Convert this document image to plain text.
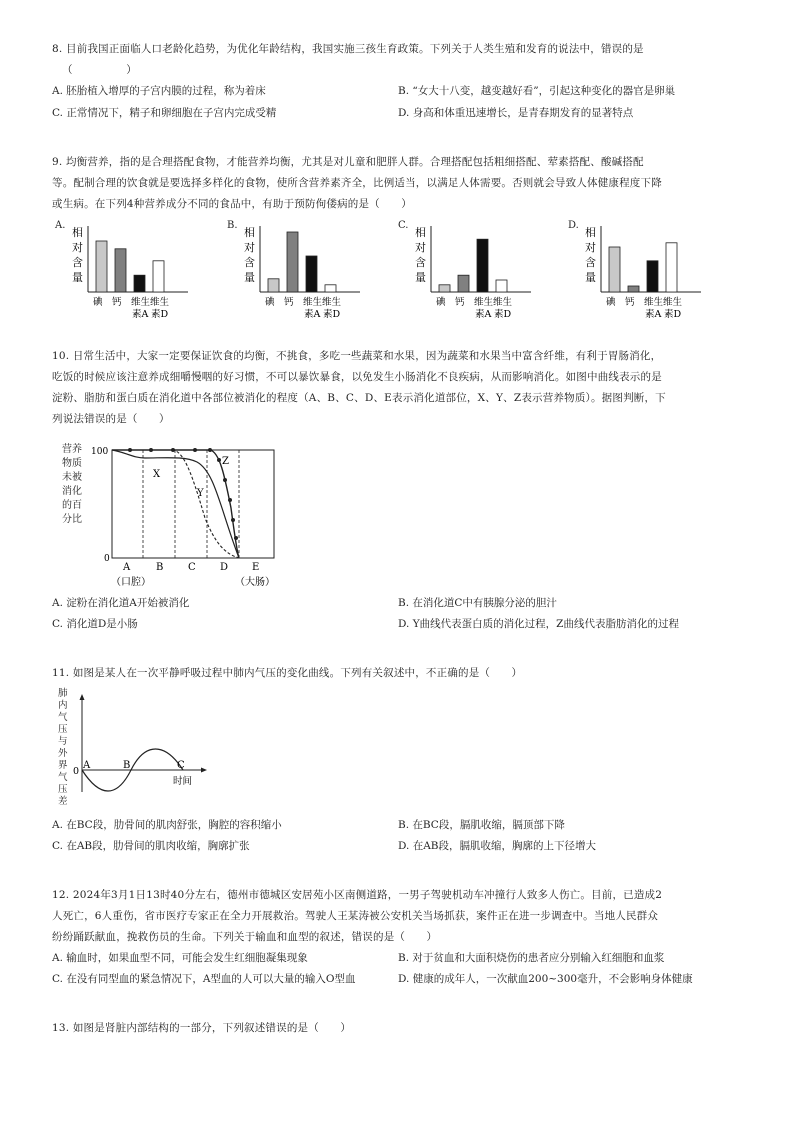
8. 目前我国正面临人口老龄化趋势，为优化年龄结构，我国实施三孩生育政策。下列关于人类生殖和发育的说法中，错误的是
（　　　　　）
A. 胚胎植入增厚的子宫内膜的过程，称为着床	B. “女大十八变，越变越好看”，引起这种变化的器官是卵巢
C. 正常情况下，精子和卵细胞在子宫内完成受精	D. 身高和体重迅速增长，是青春期发育的显著特点
9. 均衡营养，指的是合理搭配食物，才能营养均衡，尤其是对儿童和肥胖人群。合理搭配包括粗细搭配、荤素搭配、酸碱搭配
等。配制合理的饮食就是要选择多样化的食物，使所含营养素齐全，比例适当，以满足人体需要。否则就会导致人体健康程度下降
或生病。在下列4种营养成分不同的食品中，有助于预防佝偻病的是（　　）
A.
相
对
含
量
碘 钙 维生
素A
维生
素D
B.
相
对
含
量
碘 钙 维生
素A
维生
素D
C.
相
对
含
量
碘 钙 维生
素A
维生
素D
D.
相
对
含
量
碘 钙 维生
素A
维生
素D
10. 日常生活中，大家一定要保证饮食的均衡，不挑食，多吃一些蔬菜和水果，因为蔬菜和水果当中富含纤维，有利于胃肠消化，
吃饭的时候应该注意养成细嚼慢咽的好习惯，不可以暴饮暴食，以免发生小肠消化不良疾病，从而影响消化。如图中曲线表示的是
淀粉、脂肪和蛋白质在消化道中各部位被消化的程度（A、B、C、D、E表示消化道部位，X、Y、Z表示营养物质）。据图判断，下
列说法错误的是（　　）
营养
物质
未被
消化
的百
分比
100
0
X
Y
Z
A	B C D E
（口腔）	（大肠）
A. 淀粉在消化道A开始被消化	B. 在消化道C中有胰腺分泌的胆汁
C. 消化道D是小肠	D. Y曲线代表蛋白质的消化过程，Z曲线代表脂肪消化的过程
11. 如图是某人在一次平静呼吸过程中肺内气压的变化曲线。下列有关叙述中，不正确的是（　　）
肺
内
气
压
与
外
界
气
压
差
0
A	B	C
时间
A. 在BC段，肋骨间的肌肉舒张，胸腔的容积缩小	B. 在BC段，膈肌收缩，膈顶部下降
C. 在AB段，肋骨间的肌肉收缩，胸廓扩张	D. 在AB段，膈肌收缩，胸廓的上下径增大
12. 2024年3月1日13时40分左右，德州市德城区安居苑小区南侧道路，一男子驾驶机动车冲撞行人致多人伤亡。目前，已造成2
人死亡，6人重伤，省市医疗专家正在全力开展救治。驾驶人王某涛被公安机关当场抓获，案件正在进一步调查中。当地人民群众
纷纷踊跃献血，挽救伤员的生命。下列关于输血和血型的叙述，错误的是（　　）
A. 输血时，如果血型不同，可能会发生红细胞凝集现象	B. 对于贫血和大面积烧伤的患者应分别输入红细胞和血浆
C. 在没有同型血的紧急情况下，A型血的人可以大量的输入O型血	D. 健康的成年人，一次献血200~300毫升，不会影响身体健康
13. 如图是肾脏内部结构的一部分，下列叙述错误的是（　　）
